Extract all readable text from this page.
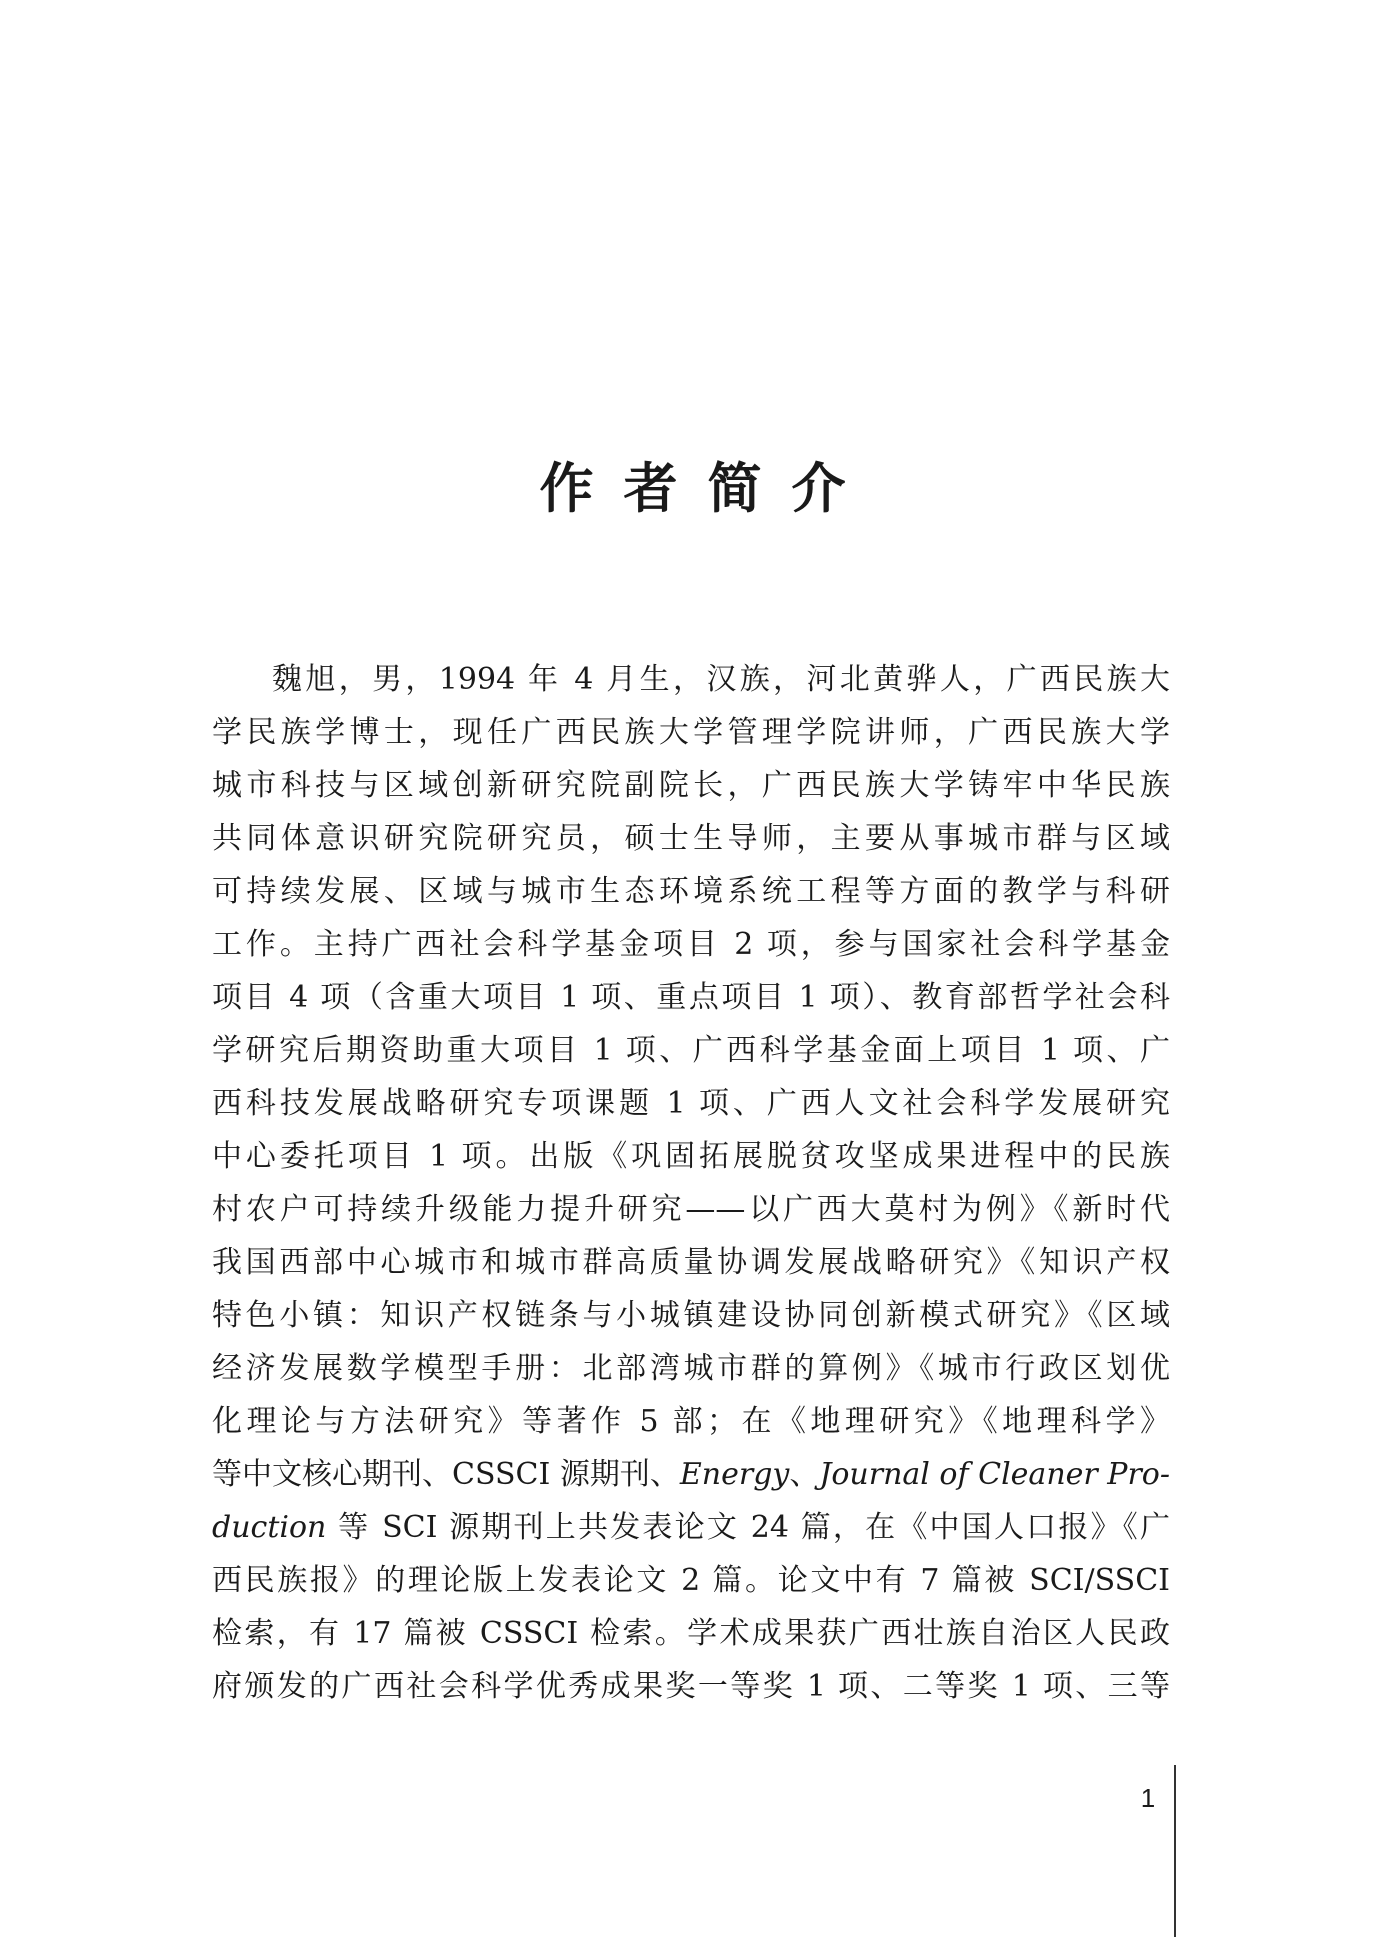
作者简介
魏旭，男，1994 年 4 月生，汉族，河北黄骅人，广西民族大
学民族学博士，现任广西民族大学管理学院讲师，广西民族大学
城市科技与区域创新研究院副院长，广西民族大学铸牢中华民族
共同体意识研究院研究员，硕士生导师，主要从事城市群与区域
可持续发展、区域与城市生态环境系统工程等方面的教学与科研
工作。主持广西社会科学基金项目 2 项，参与国家社会科学基金
项目 4 项（含重大项目 1 项、重点项目 1 项）、教育部哲学社会科
学研究后期资助重大项目 1 项、广西科学基金面上项目 1 项、广
西科技发展战略研究专项课题 1 项、广西人文社会科学发展研究
中心委托项目 1 项。出版《巩固拓展脱贫攻坚成果进程中的民族
村农户可持续升级能力提升研究——以广西大莫村为例》《新时代
我国西部中心城市和城市群高质量协调发展战略研究》《知识产权
特色小镇：知识产权链条与小城镇建设协同创新模式研究》《区域
经济发展数学模型手册：北部湾城市群的算例》《城市行政区划优
化理论与方法研究》等著作 5 部；在《地理研究》《地理科学》
等中文核心期刊、CSSCI 源期刊、Energy、Journal of Cleaner Pro-
duction 等 SCI 源期刊上共发表论文 24 篇，在《中国人口报》《广
西民族报》的理论版上发表论文 2 篇。论文中有 7 篇被 SCI/SSCI
检索，有 17 篇被 CSSCI 检索。学术成果获广西壮族自治区人民政
府颁发的广西社会科学优秀成果奖一等奖 1 项、二等奖 1 项、三等
1
